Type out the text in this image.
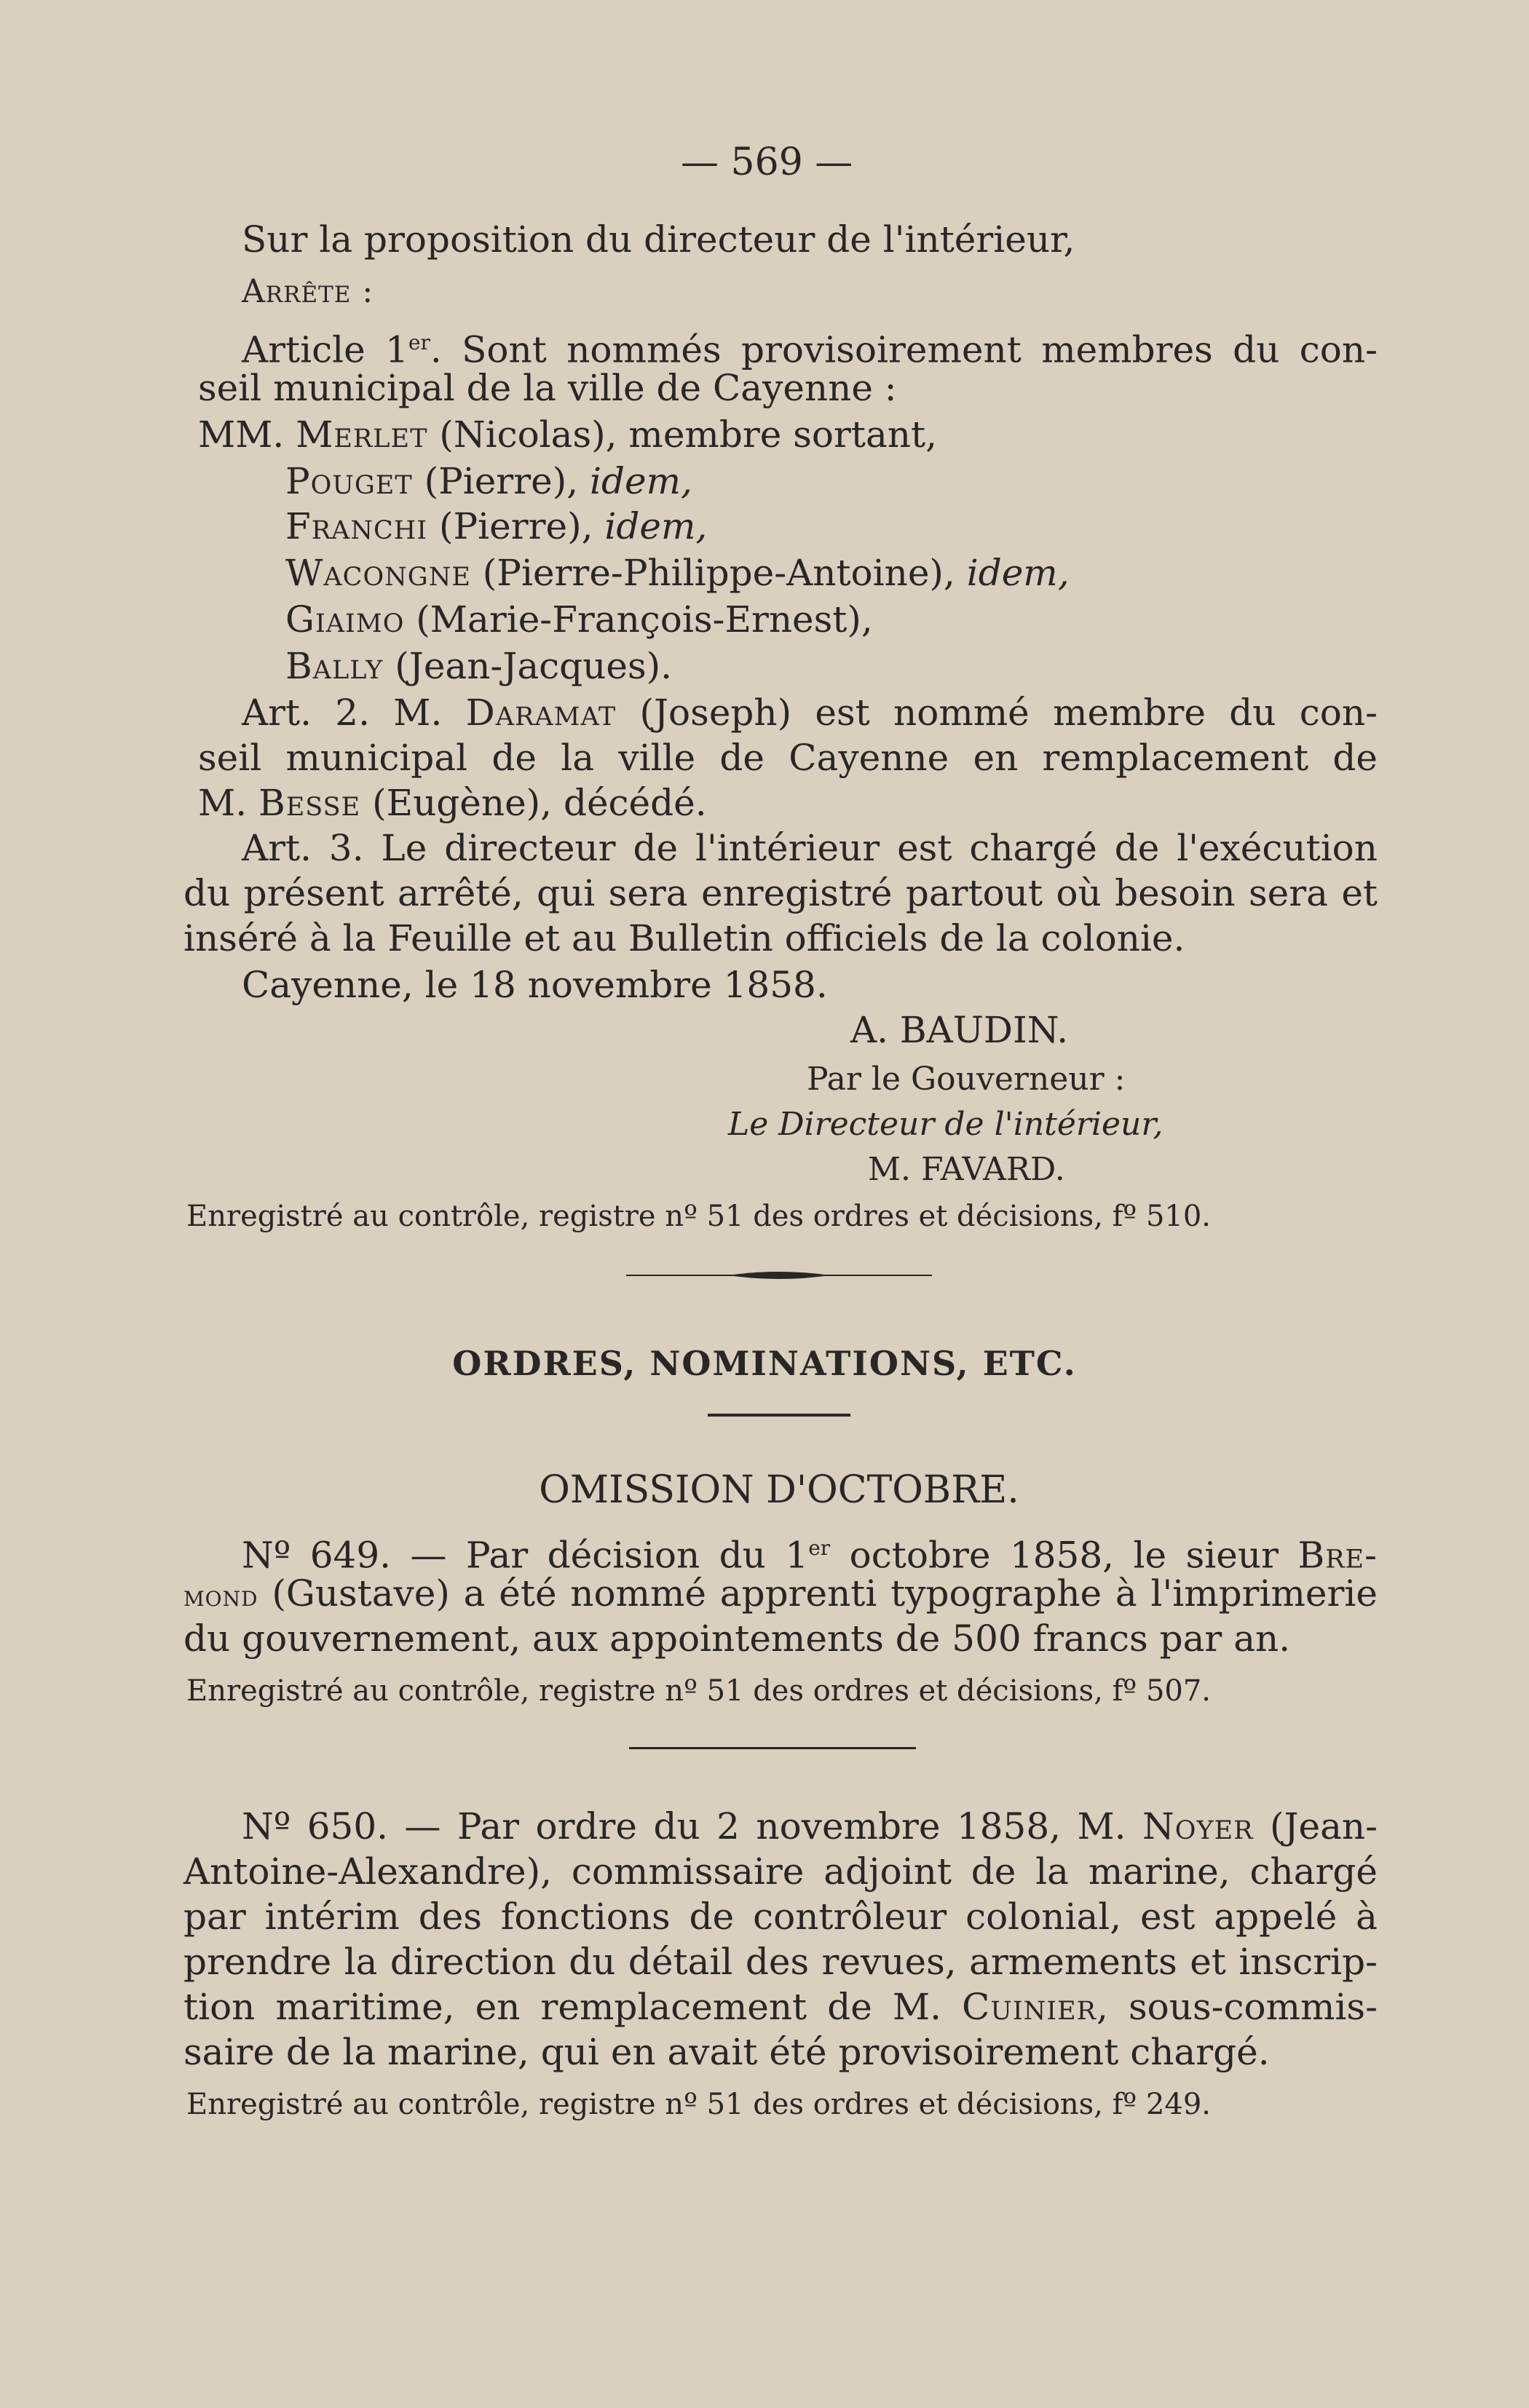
— 569 —
Sur la proposition du directeur de l'intérieur,
Arrête :
Article 1er. Sont nommés provisoirement membres du con-
seil municipal de la ville de Cayenne :
MM. Merlet (Nicolas), membre sortant,
Pouget (Pierre), idem,
Franchi (Pierre), idem,
Wacongne (Pierre-Philippe-Antoine), idem,
Giaimo (Marie-François-Ernest),
Bally (Jean-Jacques).
Art. 2. M. Daramat (Joseph) est nommé membre du con-
seil municipal de la ville de Cayenne en remplacement de
M. Besse (Eugène), décédé.
Art. 3. Le directeur de l'intérieur est chargé de l'exécution
du présent arrêté, qui sera enregistré partout où besoin sera et
inséré à la Feuille et au Bulletin officiels de la colonie.
Cayenne, le 18 novembre 1858.
A. BAUDIN.
Par le Gouverneur :
Le Directeur de l'intérieur,
M. FAVARD.
Enregistré au contrôle, registre nº 51 des ordres et décisions, fº 510.
ORDRES, NOMINATIONS, ETC.
OMISSION D'OCTOBRE.
Nº 649. — Par décision du 1er octobre 1858, le sieur Bre-
mond (Gustave) a été nommé apprenti typographe à l'imprimerie
du gouvernement, aux appointements de 500 francs par an.
Enregistré au contrôle, registre nº 51 des ordres et décisions, fº 507.
Nº 650. — Par ordre du 2 novembre 1858, M. Noyer (Jean-
Antoine-Alexandre), commissaire adjoint de la marine, chargé
par intérim des fonctions de contrôleur colonial, est appelé à
prendre la direction du détail des revues, armements et inscrip-
tion maritime, en remplacement de M. Cuinier, sous-commis-
saire de la marine, qui en avait été provisoirement chargé.
Enregistré au contrôle, registre nº 51 des ordres et décisions, fº 249.
